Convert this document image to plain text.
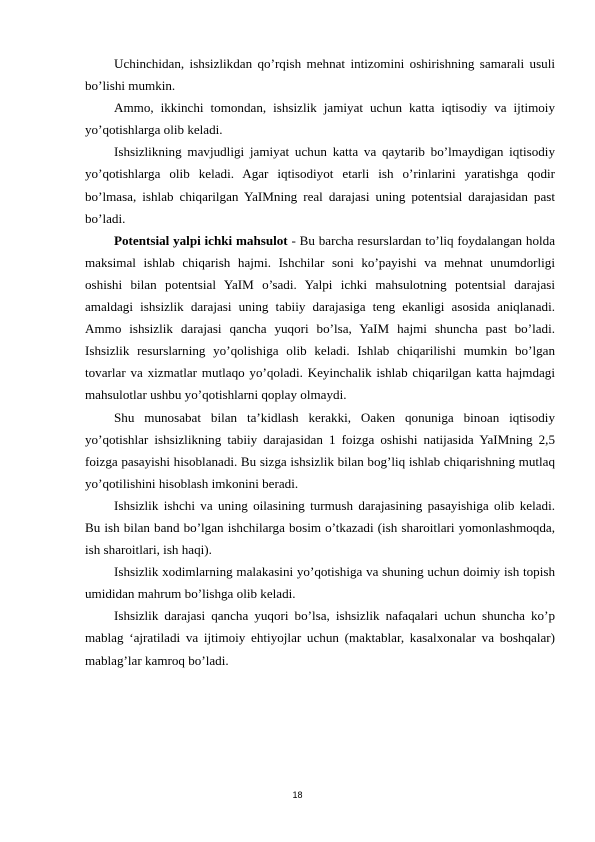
Uchinchidan, ishsizlikdan qo’rqish mehnat intizomini oshirishning samarali usuli bo’lishi mumkin.

Ammo, ikkinchi tomondan, ishsizlik jamiyat uchun katta iqtisodiy va ijtimoiy yo’qotishlarga olib keladi.

Ishsizlikning mavjudligi jamiyat uchun katta va qaytarib bo’lmaydigan iqtisodiy yo’qotishlarga olib keladi. Agar iqtisodiyot etarli ish o’rinlarini yaratishga qodir bo’lmasa, ishlab chiqarilgan YaIMning real darajasi uning potentsial darajasidan past bo’ladi.

Potentsial yalpi ichki mahsulot - Bu barcha resurslardan to’liq foydalangan holda maksimal ishlab chiqarish hajmi. Ishchilar soni ko’payishi va mehnat unumdorligi oshishi bilan potentsial YaIM o’sadi. Yalpi ichki mahsulotning potentsial darajasi amaldagi ishsizlik darajasi uning tabiiy darajasiga teng ekanligi asosida aniqlanadi. Ammo ishsizlik darajasi qancha yuqori bo’lsa, YaIM hajmi shuncha past bo’ladi. Ishsizlik resurslarning yo’qolishiga olib keladi. Ishlab chiqarilishi mumkin bo’lgan tovarlar va xizmatlar mutlaqo yo’qoladi. Keyinchalik ishlab chiqarilgan katta hajmdagi mahsulotlar ushbu yo’qotishlarni qoplay olmaydi.

Shu munosabat bilan ta’kidlash kerakki, Oaken qonuniga binoan iqtisodiy yo’qotishlar ishsizlikning tabiiy darajasidan 1 foizga oshishi natijasida YaIMning 2,5 foizga pasayishi hisoblanadi. Bu sizga ishsizlik bilan bog’liq ishlab chiqarishning mutlaq yo’qotilishini hisoblash imkonini beradi.

Ishsizlik ishchi va uning oilasining turmush darajasining pasayishiga olib keladi. Bu ish bilan band bo’lgan ishchilarga bosim o’tkazadi (ish sharoitlari yomonlashmoqda, ish sharoitlari, ish haqi).

Ishsizlik xodimlarning malakasini yo’qotishiga va shuning uchun doimiy ish topish umididan mahrum bo’lishga olib keladi.

Ishsizlik darajasi qancha yuqori bo’lsa, ishsizlik nafaqalari uchun shuncha ko’p mablag ‘ajratiladi va ijtimoiy ehtiyojlar uchun (maktablar, kasalxonalar va boshqalar) mablag’lar kamroq bo’ladi.

18
